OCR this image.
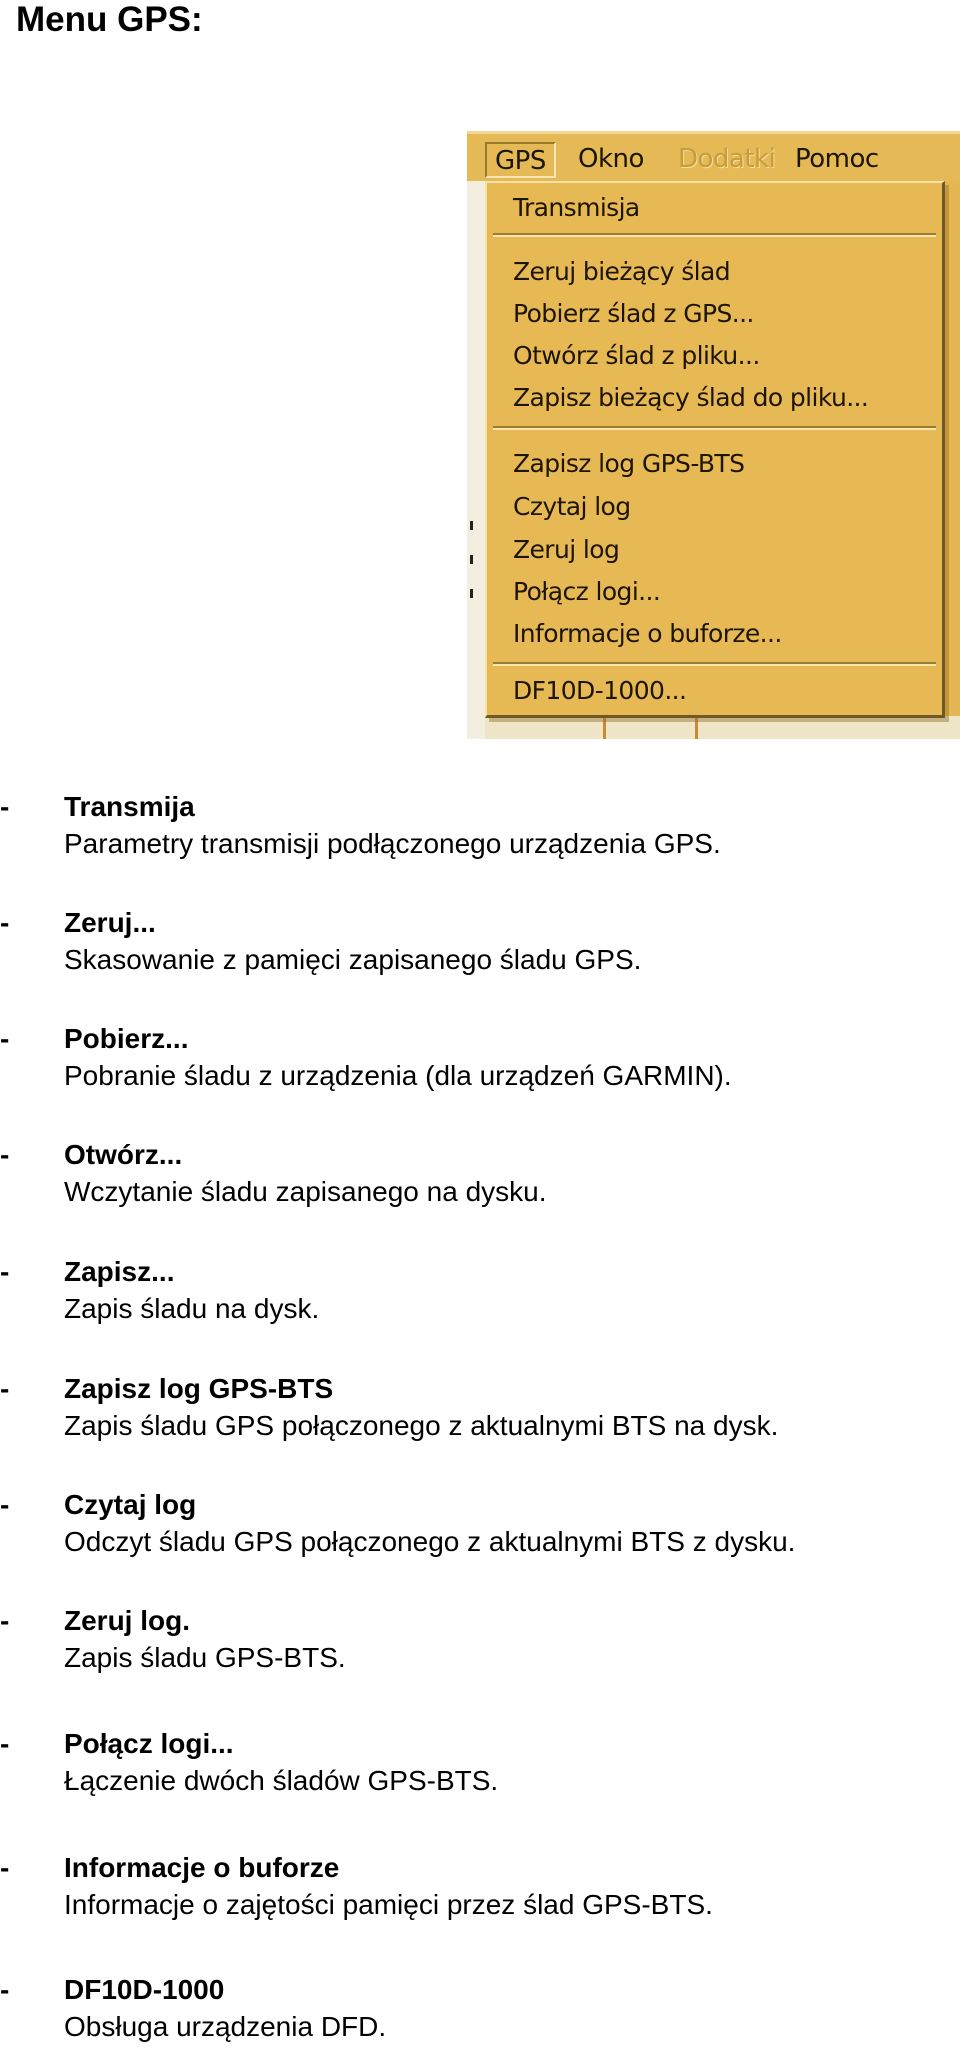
Menu GPS:
GPS	Okno	Dodatki Pomoc
Transmisja
Zeruj bieżący ślad
Pobierz ślad z GPS...
Otwórz ślad z pliku...
Zapisz bieżący ślad do pliku...
Zapisz log GPS-BTS
Czytaj log
Zeruj log
Połącz logi...
Informacje o buforze...
DF10D-1000...
-	Transmija
Parametry transmisji podłączonego urządzenia GPS.
-	Zeruj...
Skasowanie z pamięci zapisanego śladu GPS.
-	Pobierz...
Pobranie śladu z urządzenia (dla urządzeń GARMIN).
-	Otwórz...
Wczytanie śladu zapisanego na dysku.
-	Zapisz...
Zapis śladu na dysk.
-	Zapisz log GPS-BTS
Zapis śladu GPS połączonego z aktualnymi BTS na dysk.
-	Czytaj log
Odczyt śladu GPS połączonego z aktualnymi BTS z dysku.
-	Zeruj log.
Zapis śladu GPS-BTS.
-	Połącz logi...
Łączenie dwóch śladów GPS-BTS.
-	Informacje o buforze
Informacje o zajętości pamięci przez ślad GPS-BTS.
-	DF10D-1000
Obsługa urządzenia DFD.
